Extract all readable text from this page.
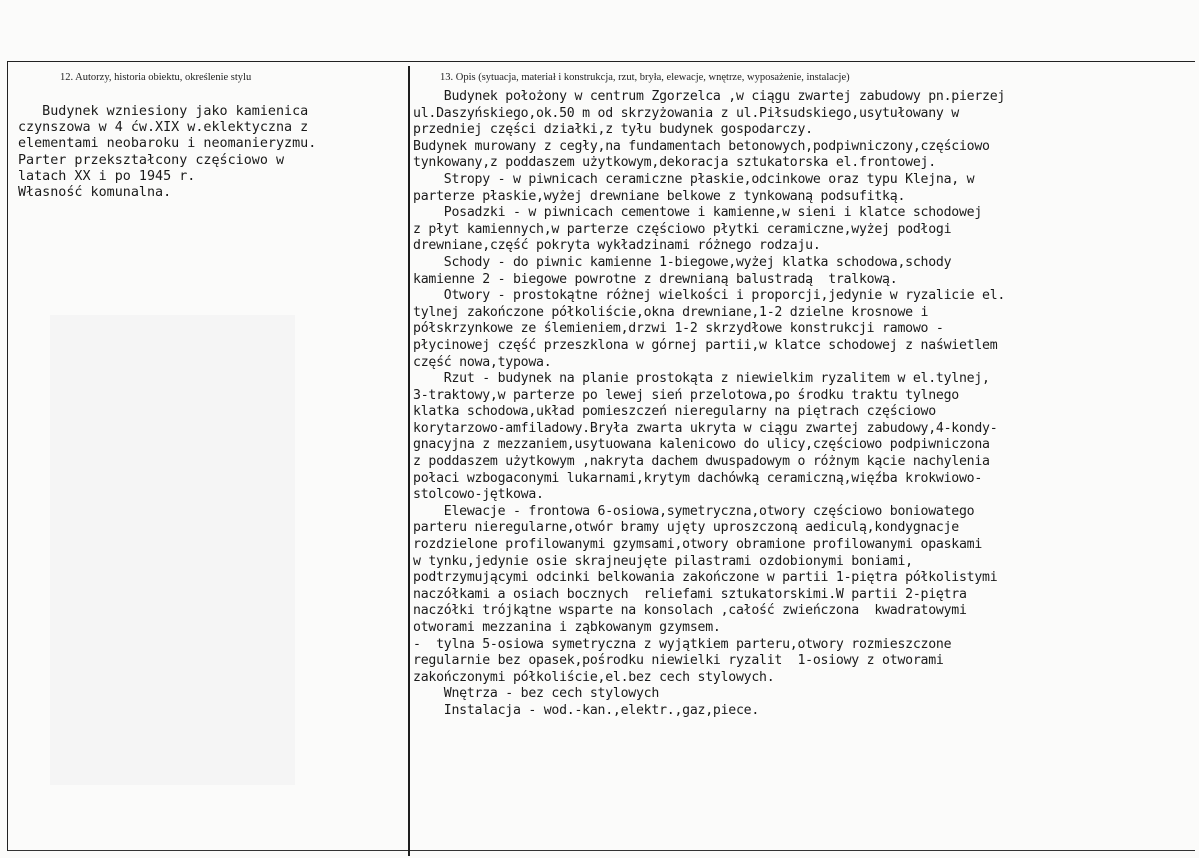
12. Autorzy, historia obiektu, określenie stylu	13. Opis (sytuacja, materiał i konstrukcja, rzut, bryła, elewacje, wnętrze, wyposażenie, instalacje)
Budynek wzniesiony jako kamienica
czynszowa w 4 ćw.XIX w.eklektyczna z
elementami neobaroku i neomanieryzmu.
Parter przekształcony częściowo w
latach XX i po 1945 r.
Własność komunalna.
Budynek położony w centrum Zgorzelca ,w ciągu zwartej zabudowy pn.pierzej
ul.Daszyńskiego,ok.50 m od skrzyżowania z ul.Piłsudskiego,usytułowany w
przedniej części działki,z tyłu budynek gospodarczy.
Budynek murowany z cegły,na fundamentach betonowych,podpiwniczony,częściowo
tynkowany,z poddaszem użytkowym,dekoracja sztukatorska el.frontowej.
Stropy - w piwnicach ceramiczne płaskie,odcinkowe oraz typu Klejna, w
parterze płaskie,wyżej drewniane belkowe z tynkowaną podsufitką.
Posadzki - w piwnicach cementowe i kamienne,w sieni i klatce schodowej
z płyt kamiennych,w parterze częściowo płytki ceramiczne,wyżej podłogi
drewniane,część pokryta wykładzinami różnego rodzaju.
Schody - do piwnic kamienne 1-biegowe,wyżej klatka schodowa,schody
kamienne 2 - biegowe powrotne z drewnianą balustradą  tralkową.
Otwory - prostokątne różnej wielkości i proporcji,jedynie w ryzalicie el.
tylnej zakończone półkoliście,okna drewniane,1-2 dzielne krosnowe i
półskrzynkowe ze ślemieniem,drzwi 1-2 skrzydłowe konstrukcji ramowo -
płycinowej część przeszklona w górnej partii,w klatce schodowej z naświetlem
część nowa,typowa.
Rzut - budynek na planie prostokąta z niewielkim ryzalitem w el.tylnej,
3-traktowy,w parterze po lewej sień przelotowa,po środku traktu tylnego
klatka schodowa,układ pomieszczeń nieregularny na piętrach częściowo
korytarzowo-amfiladowy.Bryła zwarta ukryta w ciągu zwartej zabudowy,4-kondy-
gnacyjna z mezzaniem,usytuowana kalenicowo do ulicy,częściowo podpiwniczona
z poddaszem użytkowym ,nakryta dachem dwuspadowym o różnym kącie nachylenia
połaci wzbogaconymi lukarnami,krytym dachówką ceramiczną,więźba krokwiowo-
stolcowo-jętkowa.
Elewacje - frontowa 6-osiowa,symetryczna,otwory częściowo boniowatego
parteru nieregularne,otwór bramy ujęty uproszczoną aediculą,kondygnacje
rozdzielone profilowanymi gzymsami,otwory obramione profilowanymi opaskami
w tynku,jedynie osie skrajneujęte pilastrami ozdobionymi boniami,
podtrzymującymi odcinki belkowania zakończone w partii 1-piętra półkolistymi
naczółkami a osiach bocznych  reliefami sztukatorskimi.W partii 2-piętra
naczółki trójkątne wsparte na konsolach ,całość zwieńczona  kwadratowymi
otworami mezzanina i ząbkowanym gzymsem.
-  tylna 5-osiowa symetryczna z wyjątkiem parteru,otwory rozmieszczone
regularnie bez opasek,pośrodku niewielki ryzalit  1-osiowy z otworami
zakończonymi półkoliście,el.bez cech stylowych.
Wnętrza - bez cech stylowych
Instalacja - wod.-kan.,elektr.,gaz,piece.
